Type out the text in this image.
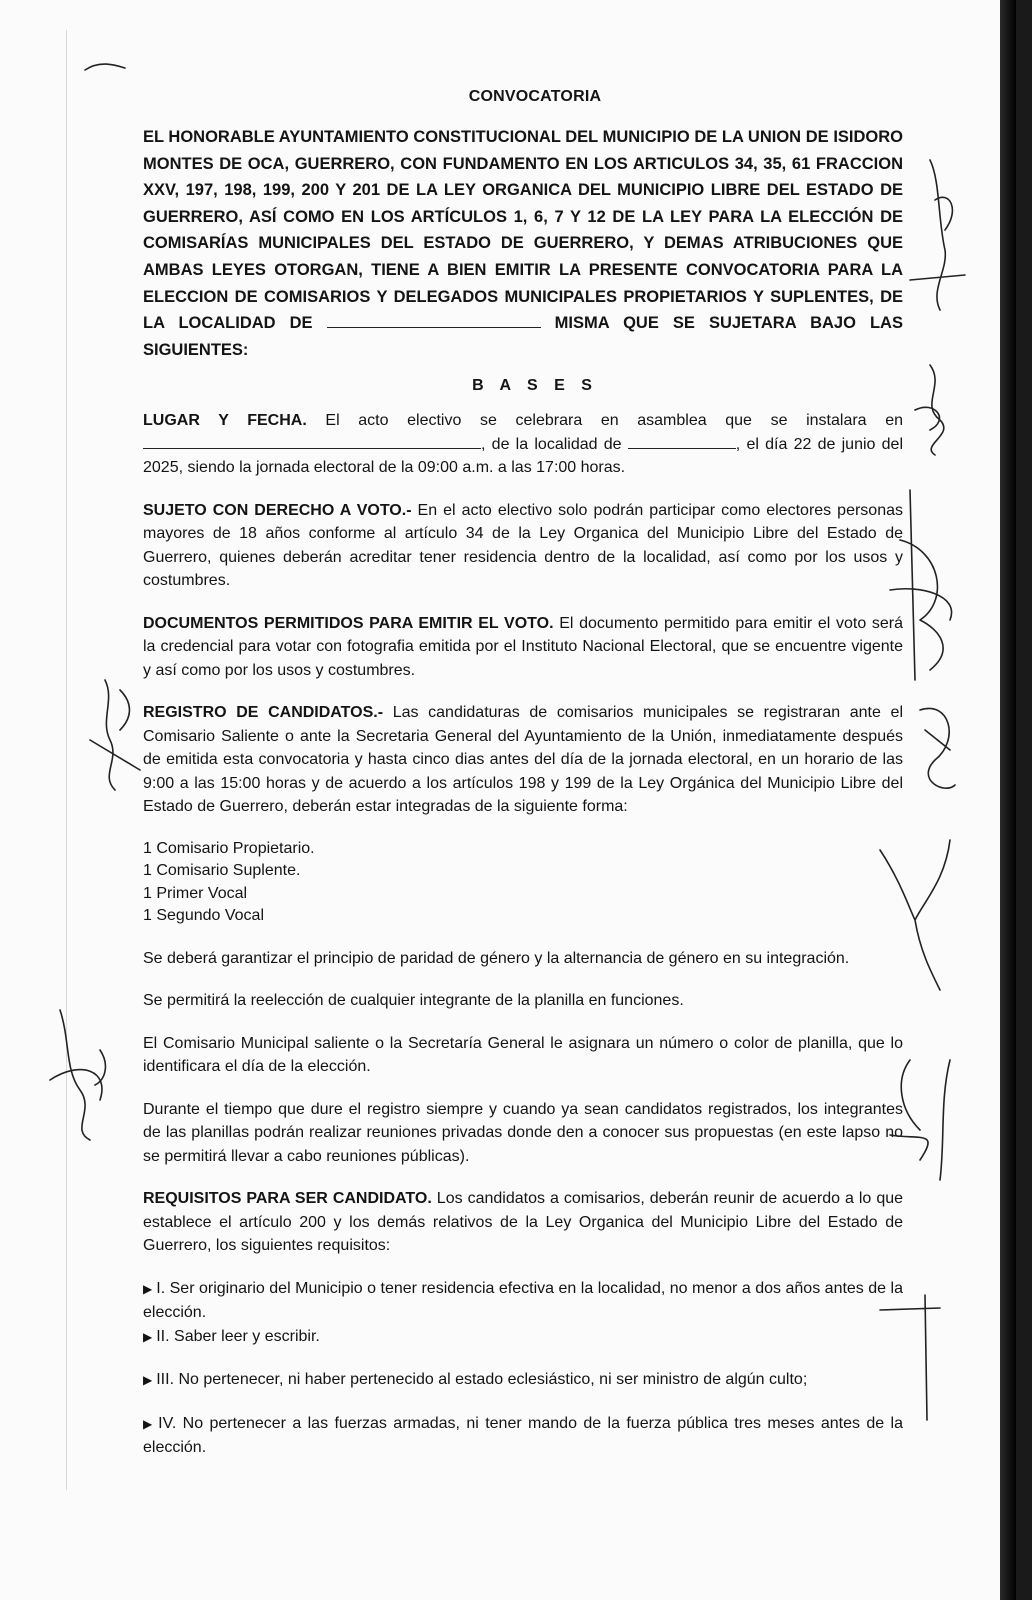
CONVOCATORIA

EL HONORABLE AYUNTAMIENTO CONSTITUCIONAL DEL MUNICIPIO DE LA UNION DE ISIDORO MONTES DE OCA, GUERRERO, CON FUNDAMENTO EN LOS ARTICULOS 34, 35, 61 FRACCION XXV, 197, 198, 199, 200 Y 201 DE LA LEY ORGANICA DEL MUNICIPIO LIBRE DEL ESTADO DE GUERRERO, ASÍ COMO EN LOS ARTÍCULOS 1, 6, 7 Y 12 DE LA LEY PARA LA ELECCIÓN DE COMISARÍAS MUNICIPALES DEL ESTADO DE GUERRERO, Y DEMAS ATRIBUCIONES QUE AMBAS LEYES OTORGAN, TIENE A BIEN EMITIR LA PRESENTE CONVOCATORIA PARA LA ELECCION DE COMISARIOS Y DELEGADOS MUNICIPALES PROPIETARIOS Y SUPLENTES, DE LA LOCALIDAD DE	MISMA QUE SE SUJETARA BAJO LAS SIGUIENTES:

B A S E S

LUGAR Y FECHA. El acto electivo se celebrara en asamblea que se instalara en , de la localidad de	, el día 22 de junio del 2025, siendo la jornada electoral de la 09:00 a.m. a las 17:00 horas.

SUJETO CON DERECHO A VOTO.- En el acto electivo solo podrán participar como electores personas mayores de 18 años conforme al artículo 34 de la Ley Organica del Municipio Libre del Estado de Guerrero, quienes deberán acreditar tener residencia dentro de la localidad, así como por los usos y costumbres.

DOCUMENTOS PERMITIDOS PARA EMITIR EL VOTO. El documento permitido para emitir el voto será la credencial para votar con fotografia emitida por el Instituto Nacional Electoral, que se encuentre vigente y así como por los usos y costumbres.

REGISTRO DE CANDIDATOS.- Las candidaturas de comisarios municipales se registraran ante el Comisario Saliente o ante la Secretaria General del Ayuntamiento de la Unión, inmediatamente después de emitida esta convocatoria y hasta cinco dias antes del día de la jornada electoral, en un horario de las 9:00 a las 15:00 horas y de acuerdo a los artículos 198 y 199 de la Ley Orgánica del Municipio Libre del Estado de Guerrero, deberán estar integradas de la siguiente forma:

1 Comisario Propietario.
1 Comisario Suplente.
1 Primer Vocal
1 Segundo Vocal

Se deberá garantizar el principio de paridad de género y la alternancia de género en su integración.

Se permitirá la reelección de cualquier integrante de la planilla en funciones.

El Comisario Municipal saliente o la Secretaría General le asignara un número o color de planilla, que lo identificara el día de la elección.

Durante el tiempo que dure el registro siempre y cuando ya sean candidatos registrados, los integrantes de las planillas podrán realizar reuniones privadas donde den a conocer sus propuestas (en este lapso no se permitirá llevar a cabo reuniones públicas).

REQUISITOS PARA SER CANDIDATO. Los candidatos a comisarios, deberán reunir de acuerdo a lo que establece el artículo 200 y los demás relativos de la Ley Organica del Municipio Libre del Estado de Guerrero, los siguientes requisitos:

▶ I. Ser originario del Municipio o tener residencia efectiva en la localidad, no menor a dos años antes de la elección.

▶ II. Saber leer y escribir.

▶ III. No pertenecer, ni haber pertenecido al estado eclesiástico, ni ser ministro de algún culto;

▶ IV. No pertenecer a las fuerzas armadas, ni tener mando de la fuerza pública tres meses antes de la elección.
